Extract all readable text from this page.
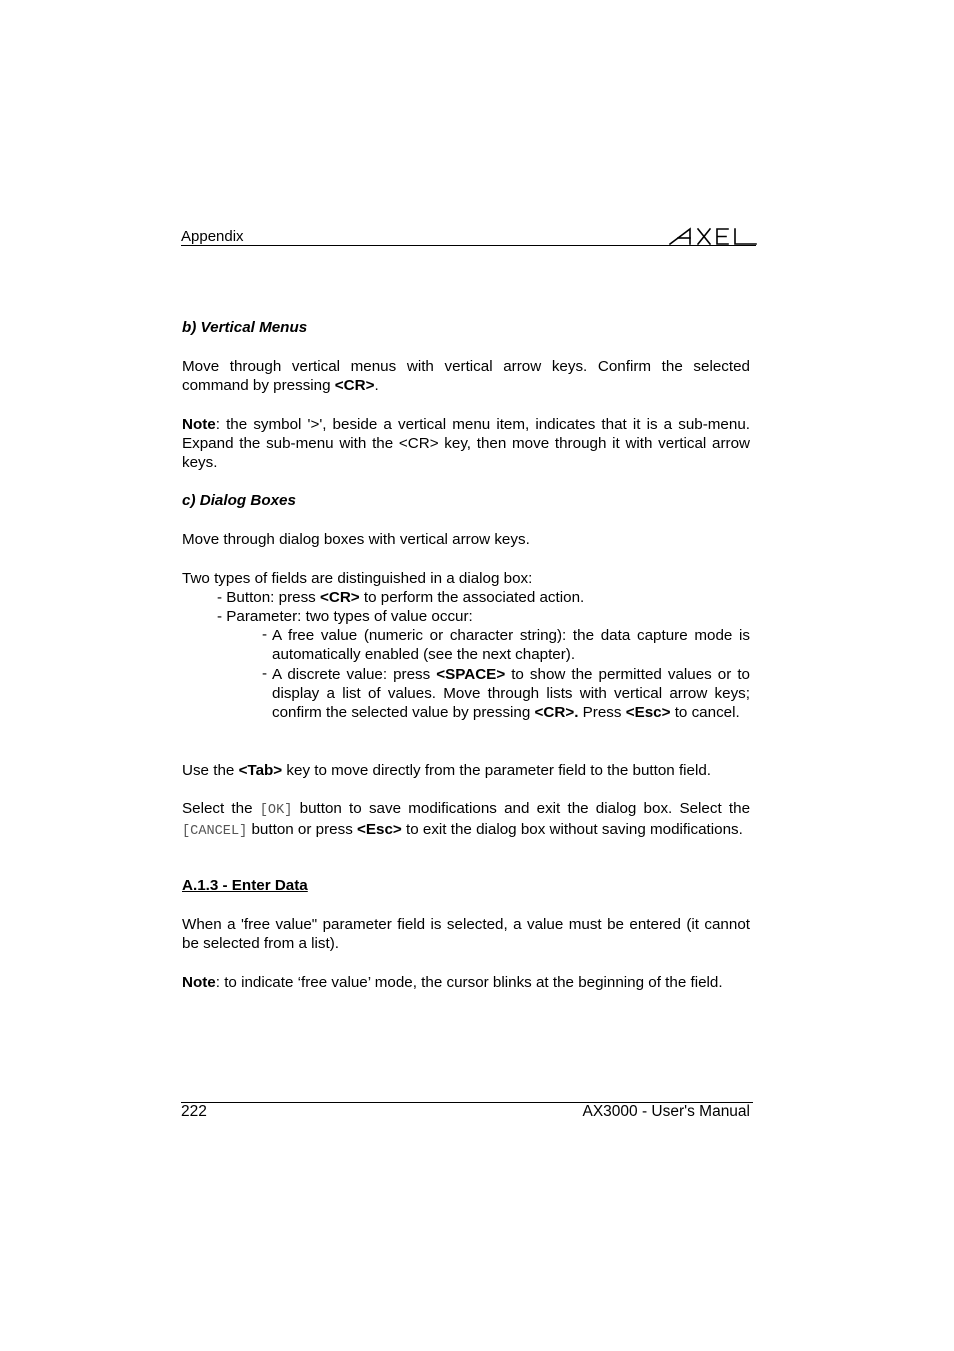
Appendix
b) Vertical Menus
Move through vertical menus with vertical arrow keys. Confirm the selected command by pressing <CR>.
Note: the symbol '>', beside a vertical menu item, indicates that it is a sub-menu. Expand the sub-menu with the <CR> key, then move through it with vertical arrow keys.
c) Dialog Boxes
Move through dialog boxes with vertical arrow keys.
Two types of fields are distinguished in a dialog box:
- Button: press <CR> to perform the associated action.
- Parameter: two types of value occur:
- A free value (numeric or character string): the data capture mode is automatically enabled (see the next chapter).
- A discrete value: press <SPACE> to show the permitted values or to display a list of values. Move through lists with vertical arrow keys; confirm the selected value by pressing <CR>. Press <Esc> to cancel.
Use the <Tab> key to move directly from the parameter field to the button field.
Select the [OK] button to save modifications and exit the dialog box. Select the [CANCEL] button or press <Esc> to exit the dialog box without saving modifications.
A.1.3 - Enter Data
When a 'free value" parameter field is selected, a value must be entered (it cannot be selected from a list).
Note: to indicate ‘free value’ mode, the cursor blinks at the beginning of the field.
222	AX3000 - User's Manual
